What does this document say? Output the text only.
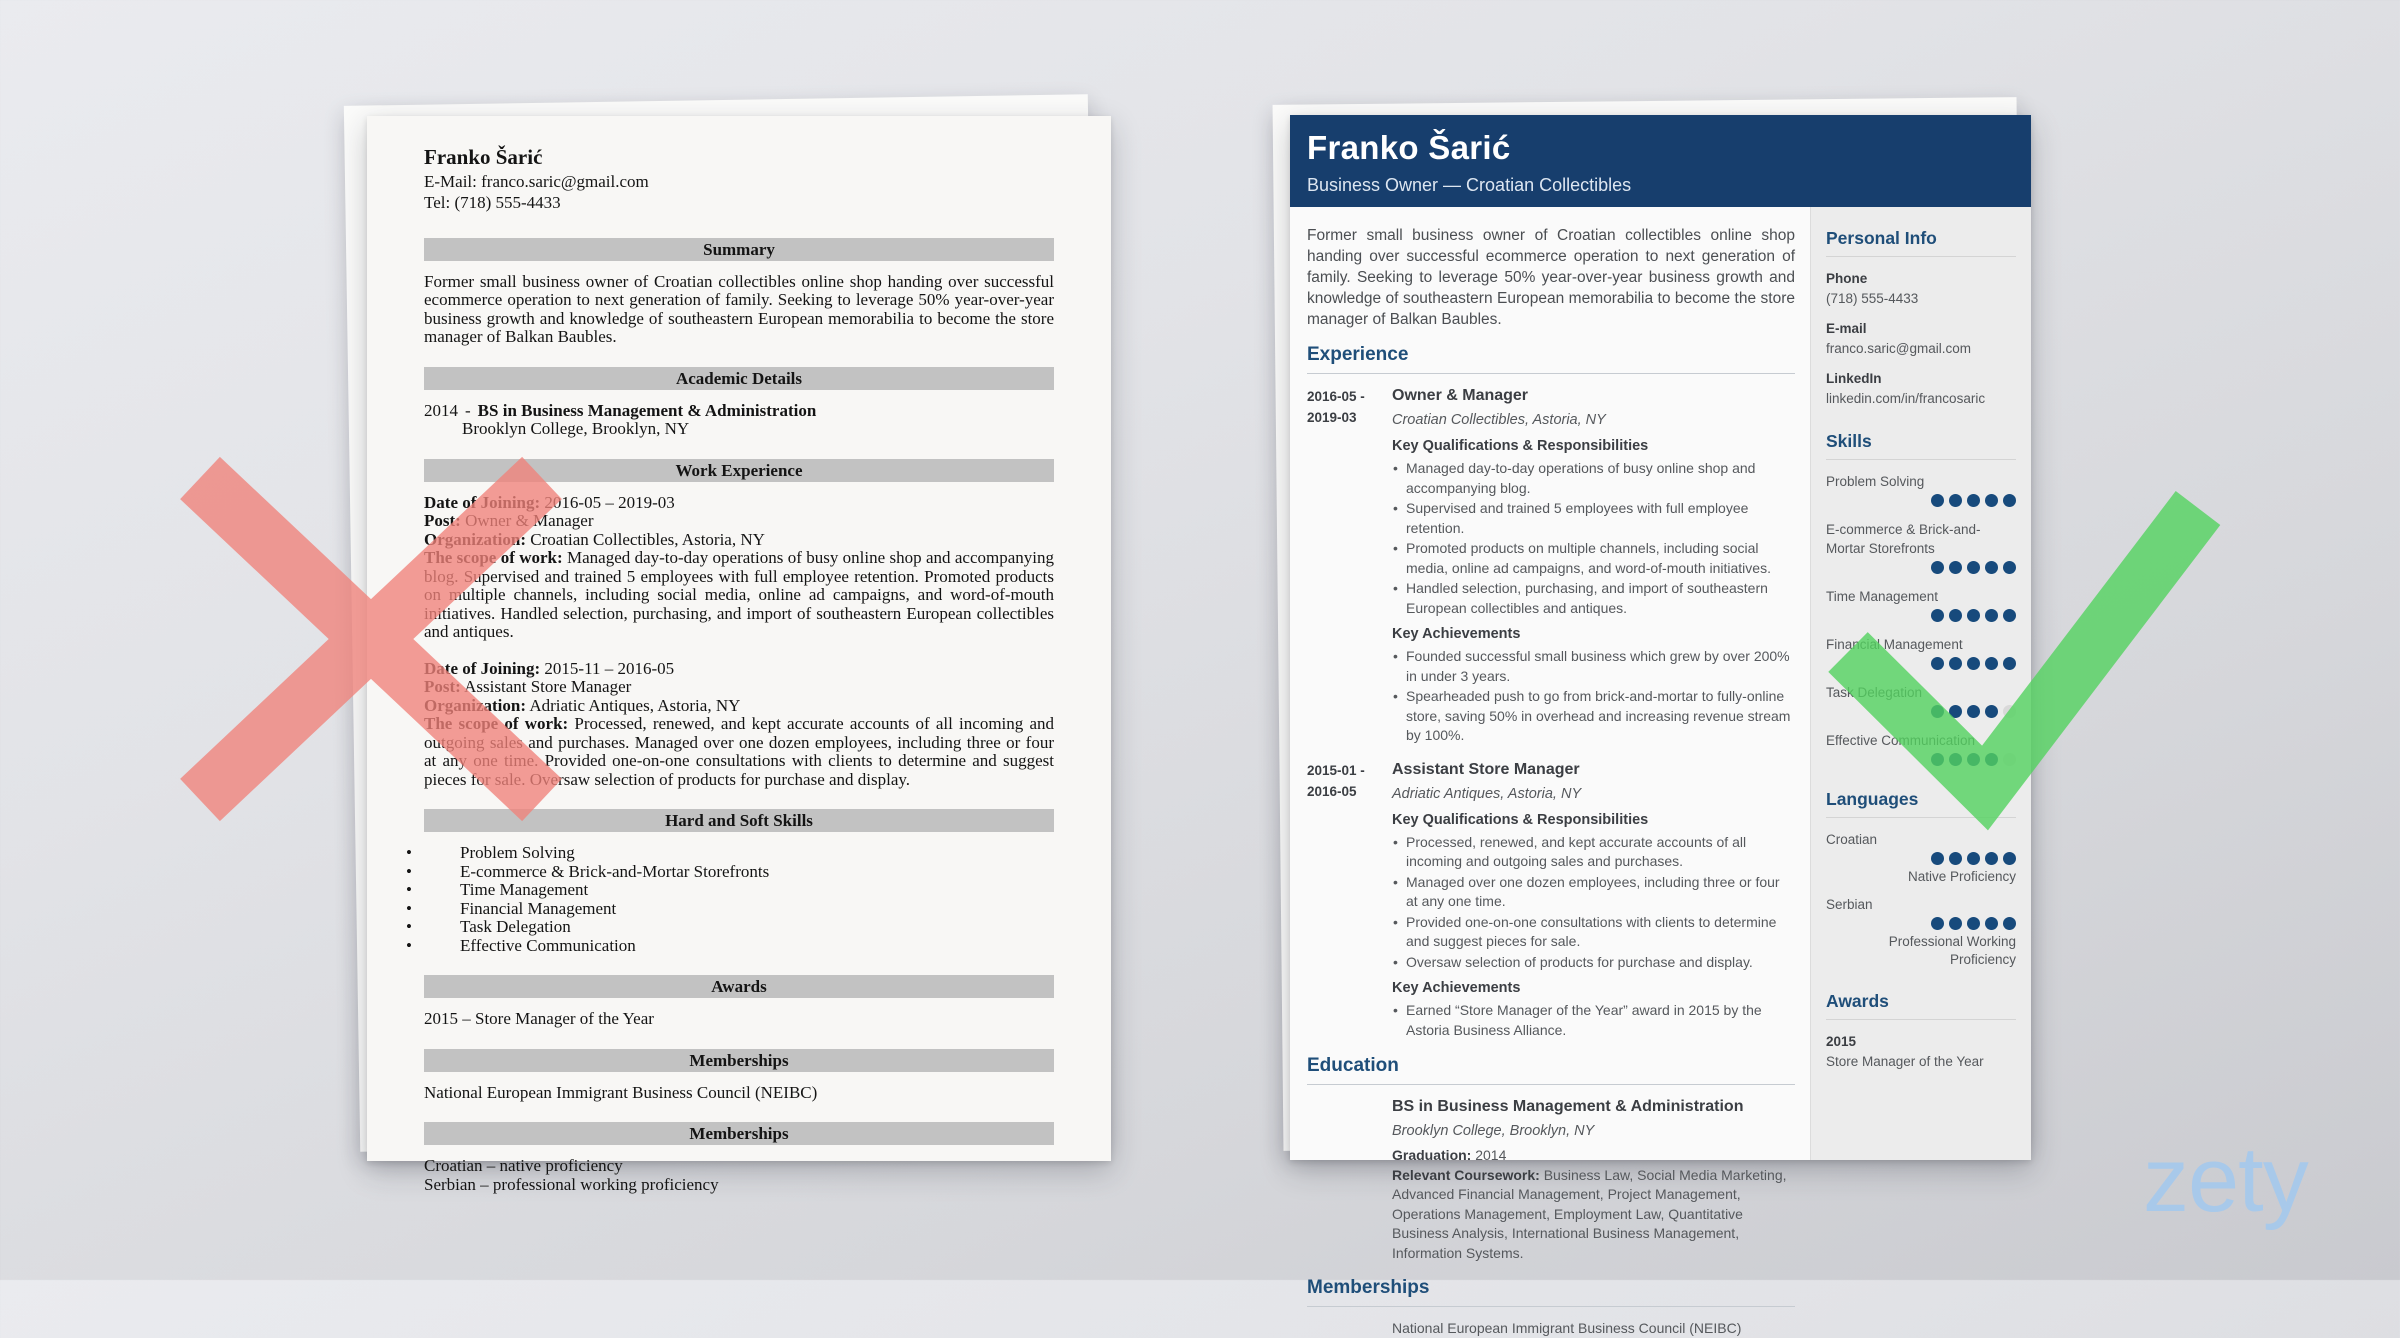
Franko Šarić
E-Mail: franco.saric@gmail.com
Tel: (718) 555-4433
Summary

Former small business owner of Croatian collectibles online shop handing over successful ecommerce operation to next generation of family. Seeking to leverage 50% year-over-year business growth and knowledge of southeastern European memorabilia to become the store manager of Balkan Baubles.

Academic Details
2014 - BS in Business Management & Administration
Brooklyn College, Brooklyn, NY
Work Experience
Date of Joining: 2016-05 – 2019-03
Post: Owner & Manager
Organization: Croatian Collectibles, Astoria, NY

The scope of work: Managed day-to-day operations of busy online shop and accompanying blog. Supervised and trained 5 employees with full employee retention. Promoted products on multiple channels, including social media, online ad campaigns, and word-of-mouth initiatives. Handled selection, purchasing, and import of southeastern European collectibles and antiques.

Date of Joining: 2015-11 – 2016-05
Post: Assistant Store Manager
Organization: Adriatic Antiques, Astoria, NY

The scope of work: Processed, renewed, and kept accurate accounts of all incoming and outgoing sales and purchases. Managed over one dozen employees, including three or four at any one time. Provided one-on-one consultations with clients to determine and suggest pieces for sale. Oversaw selection of products for purchase and display.

Hard and Soft Skills
• Problem Solving
• E-commerce & Brick-and-Mortar Storefronts
• Time Management
• Financial Management
• Task Delegation
• Effective Communication
Awards

2015 – Store Manager of the Year

Memberships

National European Immigrant Business Council (NEIBC)

Memberships
Croatian – native proficiency
Serbian – professional working proficiency
Franko Šarić
Business Owner — Croatian Collectibles

Former small business owner of Croatian collectibles online shop handing over successful ecommerce operation to next generation of family. Seeking to leverage 50% year-over-year business growth and knowledge of southeastern European memorabilia to become the store manager of Balkan Baubles.

Experience
2016-05 -
2019-03
Owner & Manager
Croatian Collectibles, Astoria, NY
Key Qualifications & Responsibilities
• Managed day-to-day operations of busy online shop and accompanying blog.
• Supervised and trained 5 employees with full employee retention.
• Promoted products on multiple channels, including social media, online ad campaigns, and word-of-mouth initiatives.
• Handled selection, purchasing, and import of southeastern European collectibles and antiques.
Key Achievements
• Founded successful small business which grew by over 200% in under 3 years.
• Spearheaded push to go from brick-and-mortar to fully-online store, saving 50% in overhead and increasing revenue stream by 100%.
2015-01 -
2016-05
Assistant Store Manager
Adriatic Antiques, Astoria, NY
Key Qualifications & Responsibilities
• Processed, renewed, and kept accurate accounts of all incoming and outgoing sales and purchases.
• Managed over one dozen employees, including three or four at any one time.
• Provided one-on-one consultations with clients to determine and suggest pieces for sale.
• Oversaw selection of products for purchase and display.
Key Achievements
• Earned “Store Manager of the Year” award in 2015 by the Astoria Business Alliance.
Education
BS in Business Management & Administration
Brooklyn College, Brooklyn, NY
Graduation: 2014
Relevant Coursework: Business Law, Social Media Marketing, Advanced Financial Management, Project Management, Operations Management, Employment Law, Quantitative Business Analysis, International Business Management, Information Systems.
Memberships
National European Immigrant Business Council (NEIBC)
Personal Info
Phone
(718) 555-4433
E-mail
franco.saric@gmail.com
LinkedIn
linkedin.com/in/francosaric
Skills
Problem Solving
E-commerce & Brick-and-Mortar Storefronts
Time Management
Financial Management
Task Delegation
Effective Communication
Languages
Croatian
Native Proficiency
Serbian
Professional Working Proficiency
Awards
2015
Store Manager of the Year
zety
